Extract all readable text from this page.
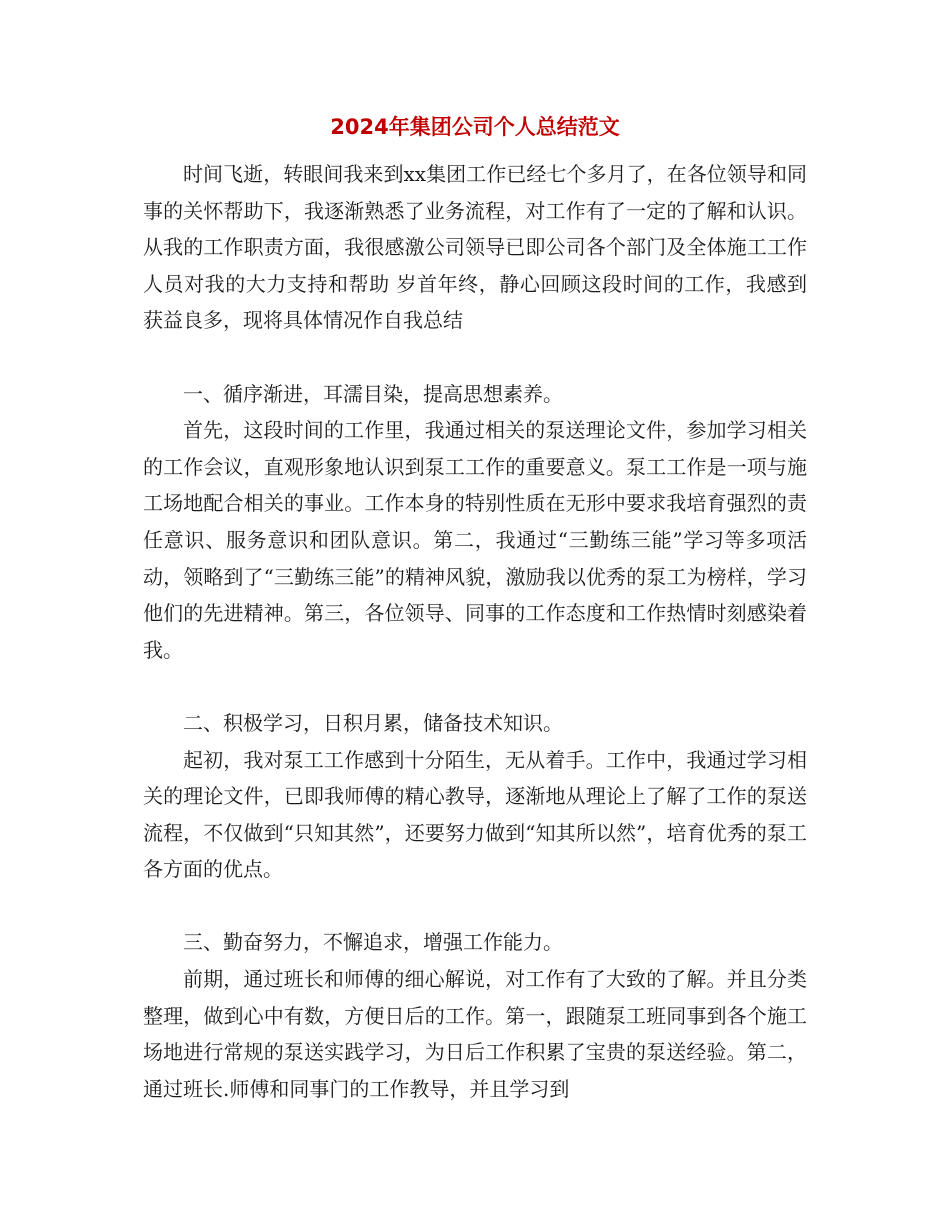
2024年集团公司个人总结范文

时间飞逝，转眼间我来到xx集团工作已经七个多月了，在各位领导和同事的关怀帮助下，我逐渐熟悉了业务流程，对工作有了一定的了解和认识。从我的工作职责方面，我很感激公司领导已即公司各个部门及全体施工工作人员对我的大力支持和帮助 岁首年终，静心回顾这段时间的工作，我感到获益良多，现将具体情况作自我总结

一、循序渐进，耳濡目染，提高思想素养。

首先，这段时间的工作里，我通过相关的泵送理论文件，参加学习相关的工作会议，直观形象地认识到泵工工作的重要意义。泵工工作是一项与施工场地配合相关的事业。工作本身的特别性质在无形中要求我培育强烈的责任意识、服务意识和团队意识。第二，我通过“三勤练三能”学习等多项活动，领略到了“三勤练三能”的精神风貌，激励我以优秀的泵工为榜样，学习他们的先进精神。第三，各位领导、同事的工作态度和工作热情时刻感染着我。

二、积极学习，日积月累，储备技术知识。

起初，我对泵工工作感到十分陌生，无从着手。工作中，我通过学习相关的理论文件，已即我师傅的精心教导，逐渐地从理论上了解了工作的泵送流程，不仅做到“只知其然”，还要努力做到“知其所以然”，培育优秀的泵工各方面的优点。

三、勤奋努力，不懈追求，增强工作能力。

前期，通过班长和师傅的细心解说，对工作有了大致的了解。并且分类整理，做到心中有数，方便日后的工作。第一，跟随泵工班同事到各个施工场地进行常规的泵送实践学习，为日后工作积累了宝贵的泵送经验。第二，通过班长.师傅和同事门的工作教导，并且学习到
